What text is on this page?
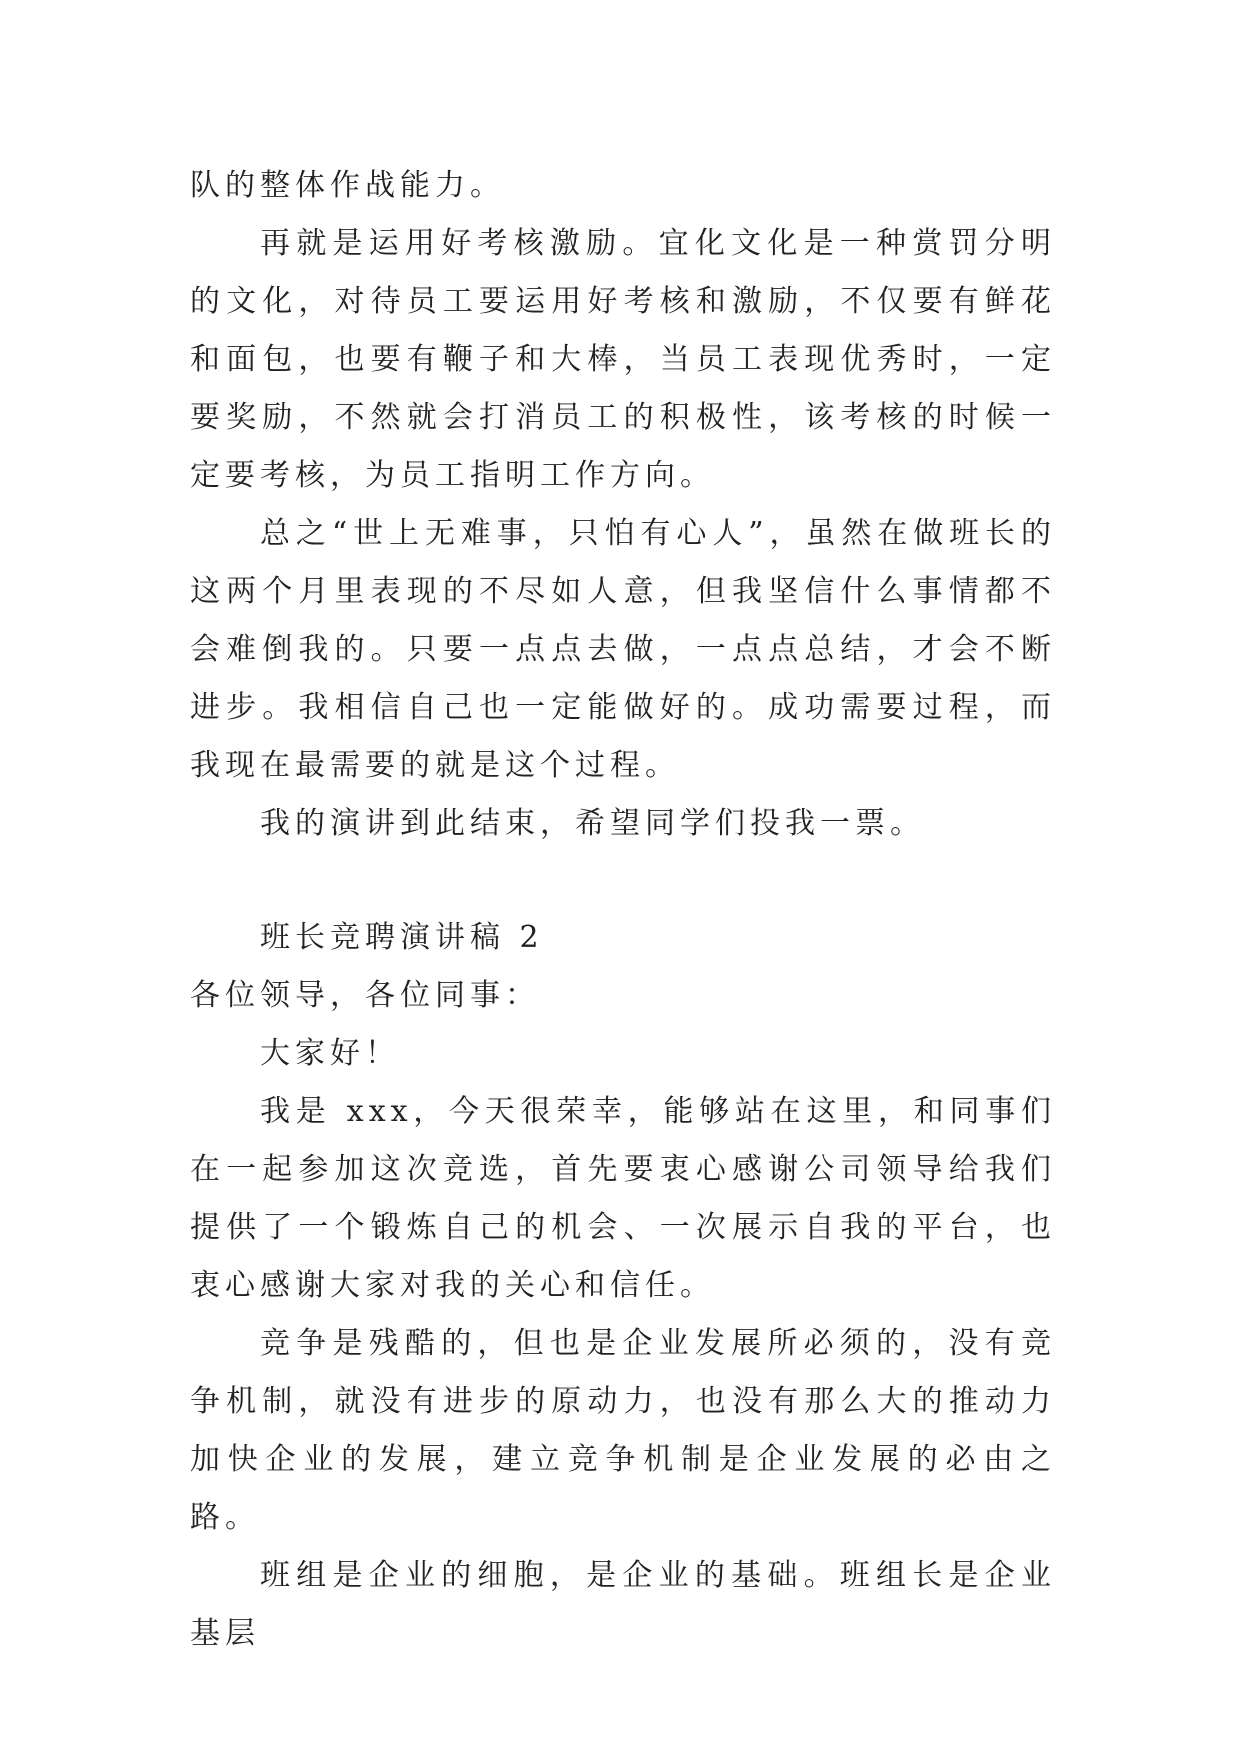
队的整体作战能力。

再就是运用好考核激励。宜化文化是一种赏罚分明的文化，对待员工要运用好考核和激励，不仅要有鲜花和面包，也要有鞭子和大棒，当员工表现优秀时，一定要奖励，不然就会打消员工的积极性，该考核的时候一定要考核，为员工指明工作方向。

总之“世上无难事，只怕有心人”，虽然在做班长的这两个月里表现的不尽如人意，但我坚信什么事情都不会难倒我的。只要一点点去做，一点点总结，才会不断进步。我相信自己也一定能做好的。成功需要过程，而我现在最需要的就是这个过程。

我的演讲到此结束，希望同学们投我一票。

班长竞聘演讲稿 2

各位领导，各位同事：

大家好！

我是 xxx，今天很荣幸，能够站在这里，和同事们在一起参加这次竞选，首先要衷心感谢公司领导给我们提供了一个锻炼自己的机会、一次展示自我的平台，也衷心感谢大家对我的关心和信任。

竞争是残酷的，但也是企业发展所必须的，没有竞争机制，就没有进步的原动力，也没有那么大的推动力加快企业的发展，建立竞争机制是企业发展的必由之路。

班组是企业的细胞，是企业的基础。班组长是企业基层
